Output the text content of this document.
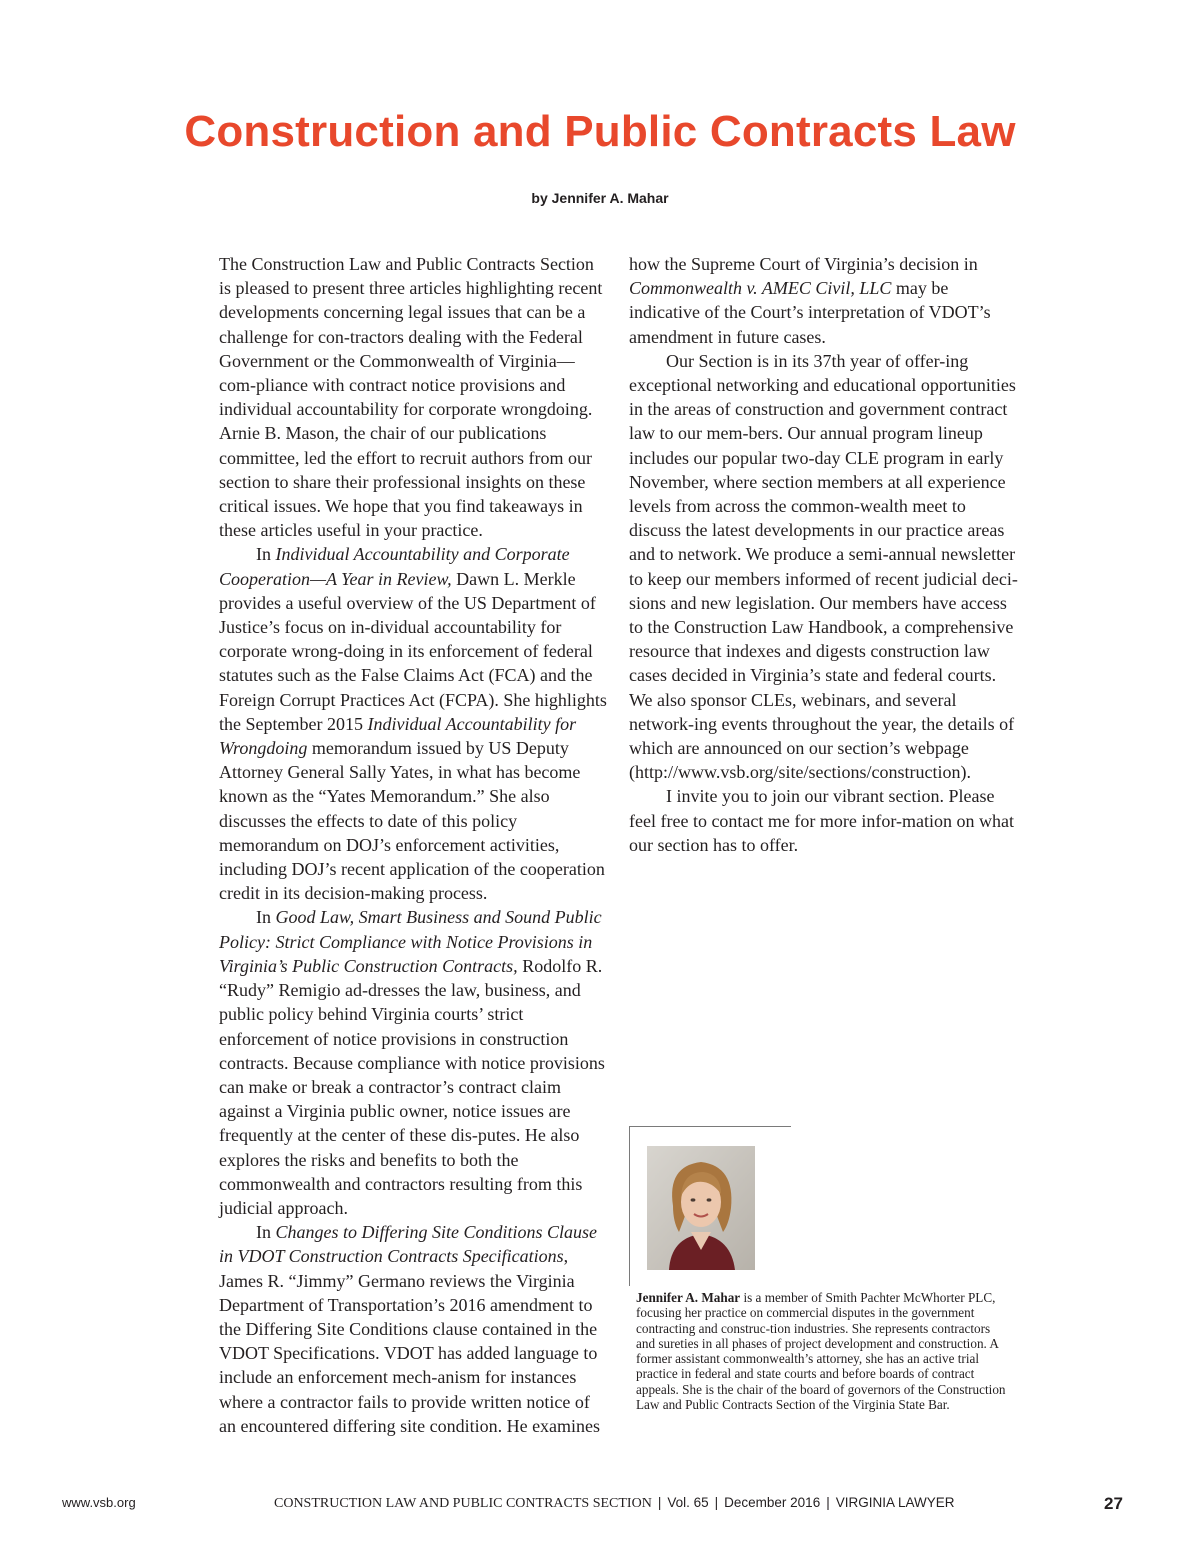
Construction and Public Contracts Law
by Jennifer A. Mahar

The Construction Law and Public Contracts Section is pleased to present three articles highlighting recent developments concerning legal issues that can be a challenge for con-tractors dealing with the Federal Government or the Commonwealth of Virginia—com-pliance with contract notice provisions and individual accountability for corporate wrongdoing. Arnie B. Mason, the chair of our publications committee, led the effort to recruit authors from our section to share their professional insights on these critical issues. We hope that you find takeaways in these articles useful in your practice.

In Individual Accountability and Corporate Cooperation—A Year in Review, Dawn L. Merkle provides a useful overview of the US Department of Justice’s focus on in-dividual accountability for corporate wrong-doing in its enforcement of federal statutes such as the False Claims Act (FCA) and the Foreign Corrupt Practices Act (FCPA). She highlights the September 2015 Individual Accountability for Wrongdoing memorandum issued by US Deputy Attorney General Sally Yates, in what has become known as the “Yates Memorandum.” She also discusses the effects to date of this policy memorandum on DOJ’s enforcement activities, including DOJ’s recent application of the cooperation credit in its decision-making process.

In Good Law, Smart Business and Sound Public Policy: Strict Compliance with Notice Provisions in Virginia’s Public Construction Contracts, Rodolfo R. “Rudy” Remigio ad-dresses the law, business, and public policy behind Virginia courts’ strict enforcement of notice provisions in construction contracts. Because compliance with notice provisions can make or break a contractor’s contract claim against a Virginia public owner, notice issues are frequently at the center of these dis-putes. He also explores the risks and benefits to both the commonwealth and contractors resulting from this judicial approach.

In Changes to Differing Site Conditions Clause in VDOT Construction Contracts Specifications, James R. “Jimmy” Germano reviews the Virginia Department of Transportation’s 2016 amendment to the Differing Site Conditions clause contained in the VDOT Specifications. VDOT has added language to include an enforcement mech-anism for instances where a contractor fails to provide written notice of an encountered differing site condition. He examines

how the Supreme Court of Virginia’s decision in Commonwealth v. AMEC Civil, LLC may be indicative of the Court’s interpretation of VDOT’s amendment in future cases.

Our Section is in its 37th year of offer-ing exceptional networking and educational opportunities in the areas of construction and government contract law to our mem-bers. Our annual program lineup includes our popular two-day CLE program in early November, where section members at all experience levels from across the common-wealth meet to discuss the latest developments in our practice areas and to network. We produce a semi-annual newsletter to keep our members informed of recent judicial deci-sions and new legislation. Our members have access to the Construction Law Handbook, a comprehensive resource that indexes and digests construction law cases decided in Virginia’s state and federal courts. We also sponsor CLEs, webinars, and several network-ing events throughout the year, the details of which are announced on our section’s webpage (http://www.vsb.org/site/sections/construction).

I invite you to join our vibrant section. Please feel free to contact me for more infor-mation on what our section has to offer.

Jennifer A. Mahar is a member of Smith Pachter McWhorter PLC, focusing her practice on commercial disputes in the government contracting and construc-tion industries. She represents contractors and sureties in all phases of project development and construction. A former assistant commonwealth’s attorney, she has an active trial practice in federal and state courts and before boards of contract appeals. She is the chair of the board of governors of the Construction Law and Public Contracts Section of the Virginia State Bar.
www.vsb.org	CONSTRUCTION LAW AND PUBLIC CONTRACTS SECTION | Vol. 65 | December 2016 | VIRGINIA LAWYER	27
